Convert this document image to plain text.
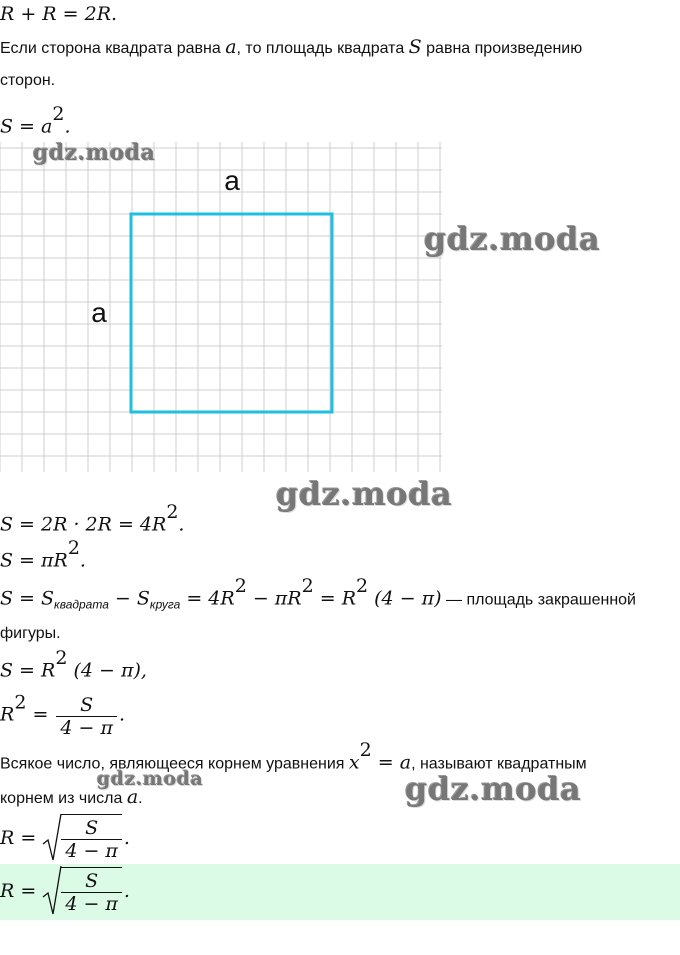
R + R = 2R.
Если сторона квадрата равна a, то площадь квадрата S равна произведению
сторон.
$S = a^2$.
a
a
gdz.moda
gdz.moda
gdz.moda
gdz.moda	gdz.moda
$S = 2R \cdot 2R = 4R^2$.
$S = \pi R^2$.
$S = S_{квадрата} - S_{круга} = 4R^2 - \pi R^2 = R^2$ (4 − π) — площадь закрашенной
фигуры.
$S = R^2$ (4 − π),
$R^2 = \frac{S}{4 - \pi}$ .
Всякое число, являющееся корнем уравнения $x^2 = a$, называют квадратным
корнем из числа a.
$R = \frac{S}{4 - \pi}$ .
$R = \frac{S}{4 - \pi}$ .
